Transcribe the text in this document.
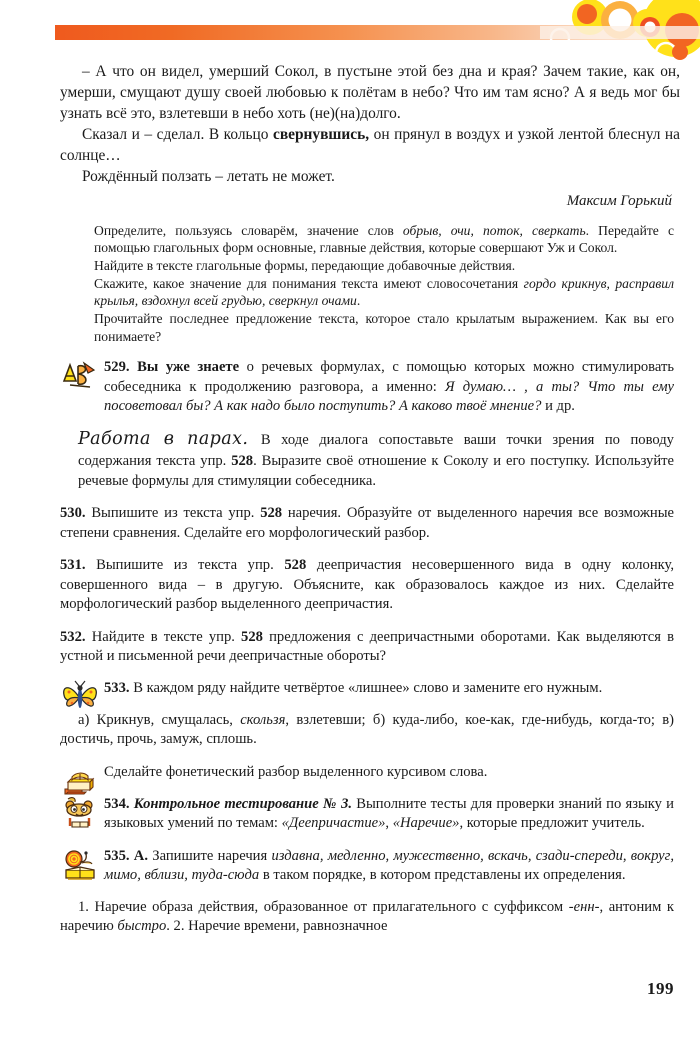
– А что он видел, умерший Сокол, в пустыне этой без дна и края? Зачем такие, как он, умерши, смущают душу своей любовью к полётам в небо? Что им там ясно? А я ведь мог бы узнать всё это, взлетевши в небо хоть (не)(на)долго.

Сказал и – сделал. В кольцо свернувшись, он прянул в воздух и узкой лентой блеснул на солнце…

Рождённый ползать – летать не может.

Максим Горький

Определите, пользуясь словарём, значение слов обрыв, очи, поток, сверкать. Передайте с помощью глагольных форм основные, главные действия, которые совершают Уж и Сокол.

Найдите в тексте глагольные формы, передающие добавочные действия.

Скажите, какое значение для понимания текста имеют словосочетания гордо крикнув, расправил крылья, вздохнул всей грудью, сверкнул очами.

Прочитайте последнее предложение текста, которое стало крылатым выражением. Как вы его понимаете?

529. Вы уже знаете о речевых формулах, с помощью которых можно стимулировать собеседника к продолжению разговора, а именно: Я думаю… , а ты? Что ты ему посоветовал бы? А как надо было поступить? А каково твоё мнение? и др.

Работа в парах. В ходе диалога сопоставьте ваши точки зрения по поводу содержания текста упр. 528. Выразите своё отношение к Соколу и его поступку. Используйте речевые формулы для стимуляции собеседника.

530. Выпишите из текста упр. 528 наречия. Образуйте от выделенного наречия все возможные степени сравнения. Сделайте его морфологический разбор.

531. Выпишите из текста упр. 528 деепричастия несовершенного вида в одну колонку, совершенного вида – в другую. Объясните, как образовалось каждое из них. Сделайте морфологический разбор выделенного деепричастия.

532. Найдите в тексте упр. 528 предложения с деепричастными оборотами. Как выделяются в устной и письменной речи деепричастные обороты?

533. В каждом ряду найдите четвёртое «лишнее» слово и замените его нужным.

а) Крикнув, смущалась, скользя, взлетевши; б) куда-либо, кое-как, где-нибудь, когда-то; в) достичь, прочь, замуж, сплошь.

Сделайте фонетический разбор выделенного курсивом слова.

534. Контрольное тестирование № 3. Выполните тесты для проверки знаний по языку и языковых умений по темам: «Деепричастие», «Наречие», которые предложит учитель.

535. А. Запишите наречия издавна, медленно, мужественно, вскачь, сзади-спереди, вокруг, мимо, вблизи, туда-сюда в таком порядке, в котором представлены их определения.

1. Наречие образа действия, образованное от прилагательного с суффиксом -енн-, антоним к наречию быстро. 2. Наречие времени, равнозначное

199
